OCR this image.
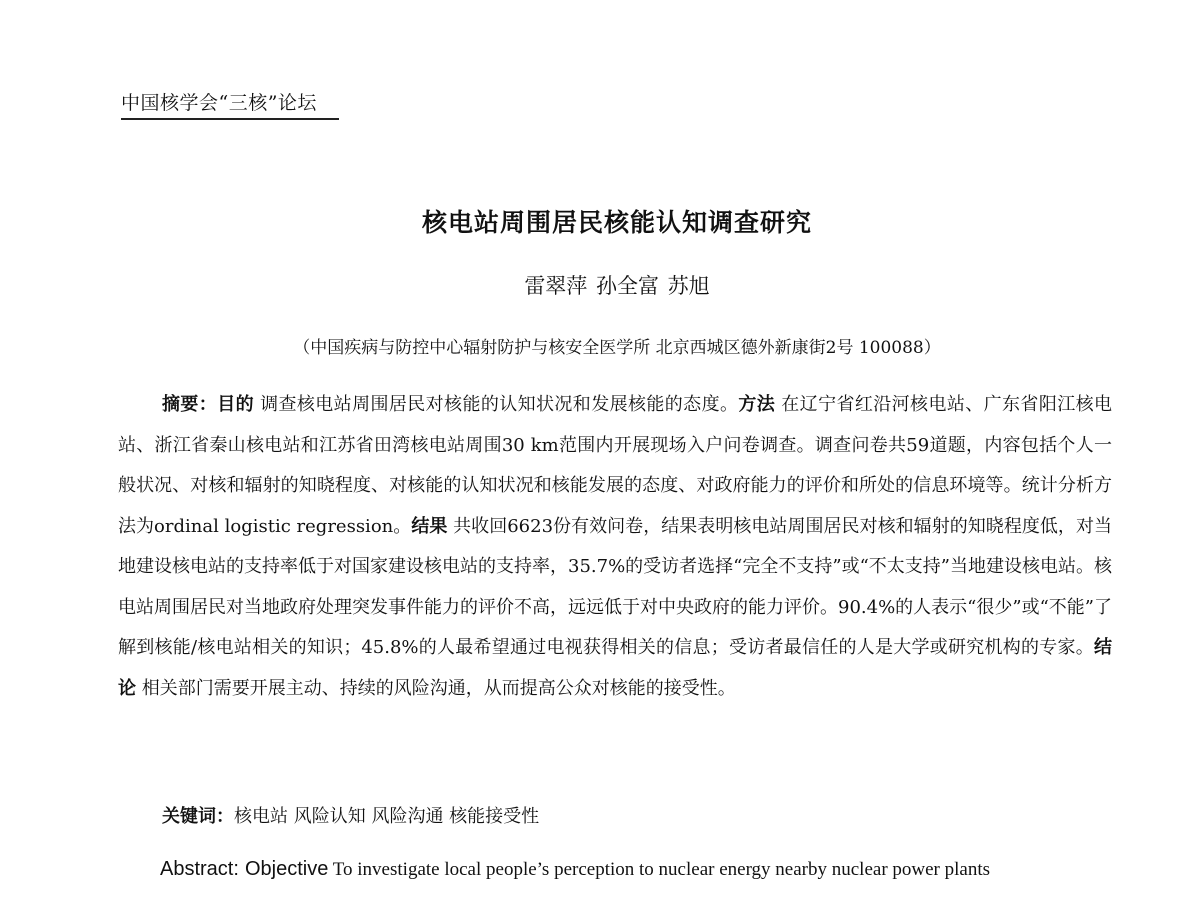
中国核学会“三核”论坛
核电站周围居民核能认知调查研究
雷翠萍 孙全富 苏旭
（中国疾病与防控中心辐射防护与核安全医学所 北京西城区德外新康街2号 100088）

摘要：目的 调查核电站周围居民对核能的认知状况和发展核能的态度。方法 在辽宁省红沿河核电站、广东省阳江核电站、浙江省秦山核电站和江苏省田湾核电站周围30 km范围内开展现场入户问卷调查。调查问卷共59道题，内容包括个人一般状况、对核和辐射的知晓程度、对核能的认知状况和核能发展的态度、对政府能力的评价和所处的信息环境等。统计分析方法为ordinal logistic regression。结果 共收回6623份有效问卷，结果表明核电站周围居民对核和辐射的知晓程度低，对当地建设核电站的支持率低于对国家建设核电站的支持率，35.7%的受访者选择“完全不支持”或“不太支持”当地建设核电站。核电站周围居民对当地政府处理突发事件能力的评价不高，远远低于对中央政府的能力评价。90.4%的人表示“很少”或“不能”了解到核能/核电站相关的知识；45.8%的人最希望通过电视获得相关的信息；受访者最信任的人是大学或研究机构的专家。结论 相关部门需要开展主动、持续的风险沟通，从而提高公众对核能的接受性。

关键词：核电站 风险认知 风险沟通 核能接受性
Abstract: Objective To investigate local people’s perception to nuclear energy nearby nuclear power plants
